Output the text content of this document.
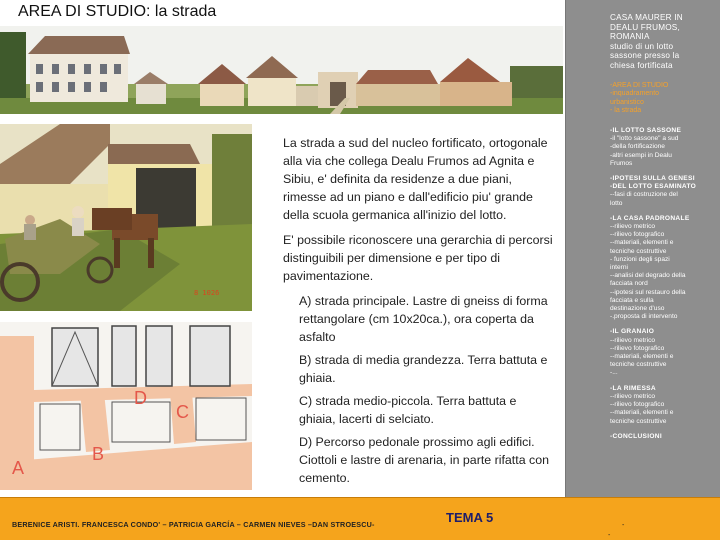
AREA DI STUDIO: la strada
8 1026
A
B
C
D

La strada a sud del nucleo fortificato, ortogonale alla via che collega Dealu Frumos ad Agnita e Sibiu, e' definita da residenze a due piani, rimesse ad un piano e dall'edificio piu' grande della scuola germanica all'inizio del lotto.

E' possibile riconoscere una gerarchia di percorsi distinguibili per dimensione e per tipo di pavimentazione.

A) strada principale. Lastre di gneiss di forma rettangolare (cm 10x20ca.), ora coperta da asfalto
B) strada di media grandezza. Terra battuta e ghiaia.
C) strada medio-piccola. Terra battuta e ghiaia, lacerti di selciato.
D) Percorso pedonale prossimo agli edifici. Ciottoli e lastre di arenaria, in parte rifatta con cemento.
CASA MAURER IN
DEALU FRUMOS,
ROMANIA
studio di un lotto
sassone presso la
chiesa fortificata
-AREA DI STUDIO
-inquadramento
urbanistico
- la strada
-IL LOTTO SASSONE
-il "lotto sassone" a sud
-della fortificazione
-altri esempi in Dealu
Frumos
-IPOTESI SULLA GENESI
-DEL LOTTO ESAMINATO
--fasi di costruzione del
lotto
-LA CASA PADRONALE
--rilievo metrico
--rilievo fotografico
--materiali, elementi e
tecniche costruttive
- funzioni degli spazi
interni
--analisi del degrado della
facciata nord
--ipotesi sul restauro della
facciata e sulla
destinazione d'uso
-.proposta di intervento
-IL GRANAIO
--rilievo metrico
--rilievo fotografico
--materiali, elementi e
tecniche costruttive
-...
-LA RIMESSA
--rilievo metrico
--rilievo fotografico
--materiali, elementi e
tecniche costruttive
-CONCLUSIONI
BERENICE ARISTI. FRANCESCA CONDO' – PATRICIA GARCÍA – CARMEN NIEVES –DAN STROESCU-	TEMA 5
-
-
